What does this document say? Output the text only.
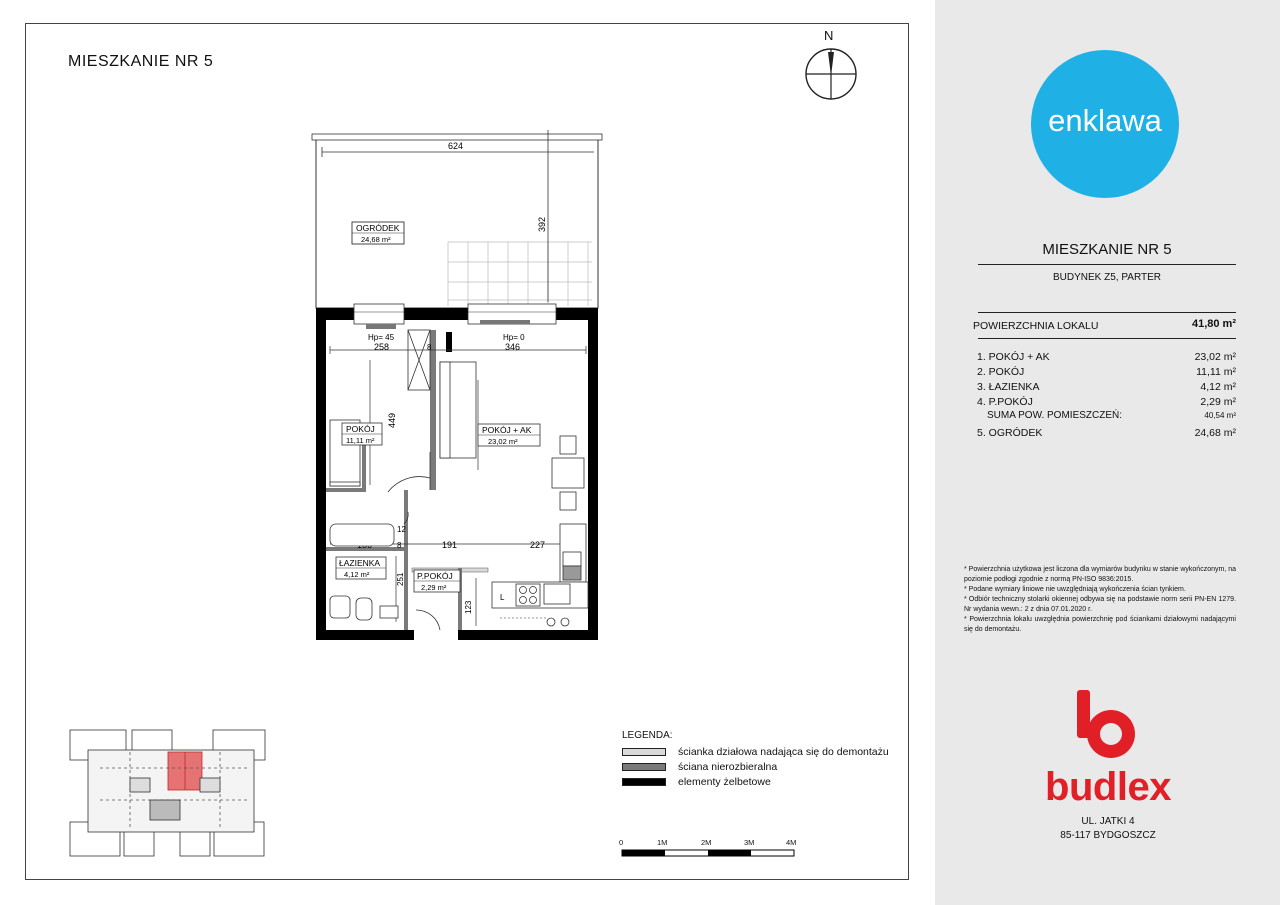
MIESZKANIE NR 5
N
624
392
OGRÓDEK
24,68 m²
Hp= 45	Hp= 0
258	8	346
449
12
8	191	227
251
123
L
POKÓJ
11,11 m²
POKÓJ + AK
23,02 m²
ŁAZIENKA
4,12 m²	P.POKÓJ
2,29 m²
0	1M	2M	3M	4M
LEGENDA:
ścianka działowa nadająca się do demontażu
ściana nierozbieralna
elementy żelbetowe
enklawa
MIESZKANIE NR 5
BUDYNEK Z5, PARTER
POWIERZCHNIA LOKALU	41,80 m²
1. POKÓJ + AK	23,02 m²
2. POKÓJ	11,11 m²
3. ŁAZIENKA	4,12 m²
4. P.POKÓJ	2,29 m²
SUMA POW. POMIESZCZEŃ:	40,54 m²
5. OGRÓDEK	24,68 m²

* Powierzchnia użytkowa jest liczona dla wymiarów budynku w stanie wykończonym, na poziomie podłogi zgodnie z normą PN-ISO 9836:2015.

* Podane wymiary liniowe nie uwzględniają wykończenia ścian tynkiem.

* Odbiór techniczny stolarki okiennej odbywa się na podstawie norm serii PN-EN 1279. Nr wydania wewn.: 2 z dnia 07.01.2020 r.

* Powierzchnia lokalu uwzględnia powierzchnię pod ściankami działowymi nadającymi się do demontażu.

budlex
UL. JATKI 4
85-117 BYDGOSZCZ
